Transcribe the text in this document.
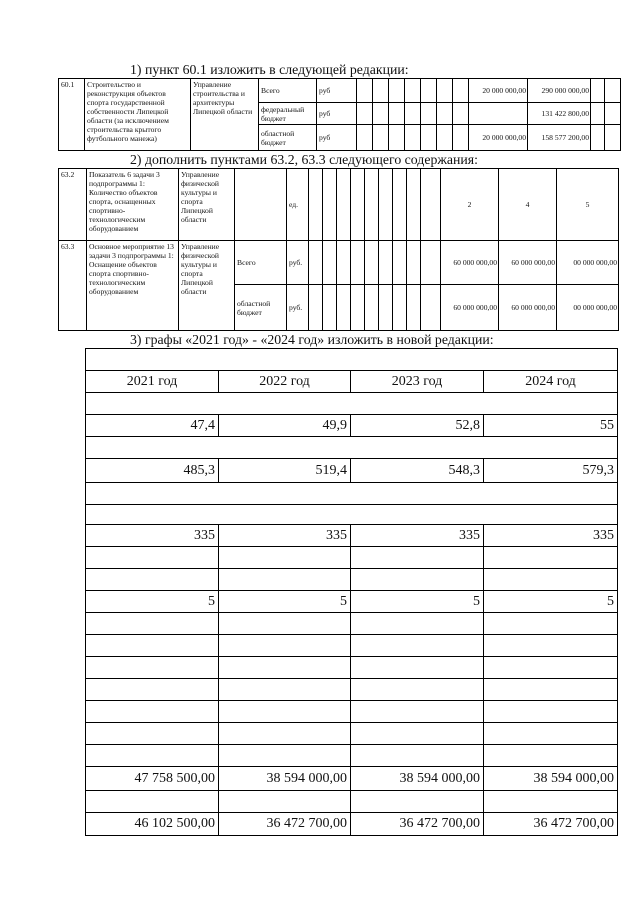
1) пункт 60.1 изложить в следующей редакции:
60.1	Строительство и реконструкция объектов спорта государственной собственности Липецкой области (за исключением строительства крытого футбольного манежа)	Управление строительства и архитектуры Липецкой области	Всего	руб								20 000 000,00	290 000 000,00		
			федеральный бюджет	руб									131 422 800,00		
			областной бюджет	руб								20 000 000,00	158 577 200,00		
2) дополнить пунктами 63.2, 63.3 следующего содержания:
63.2	Показатель 6 задачи 3 подпрограммы 1: Количество объектов спорта, оснащенных спортивно-технологическим оборудованием	Управление физической культуры и спорта Липецкой области		ед.										2	4	5
63.3	Основное мероприятие 13 задачи 3 подпрограммы 1: Оснащение объектов спорта спортивно-технологическим оборудованием	Управление физической культуры и спорта Липецкой области	Всего	руб.										60 000 000,00	60 000 000,00	00 000 000,00
			областной бюджет	руб.										60 000 000,00	60 000 000,00	00 000 000,00
3) графы «2021 год» - «2024 год» изложить в новой редакции:

2021 год	2022 год	2023 год	2024 год

47,4	49,9	52,8	55

485,3	519,4	548,3	579,3

335	335	335	335

5	5	5	5

47 758 500,00	38 594 000,00	38 594 000,00	38 594 000,00

46 102 500,00	36 472 700,00	36 472 700,00	36 472 700,00
